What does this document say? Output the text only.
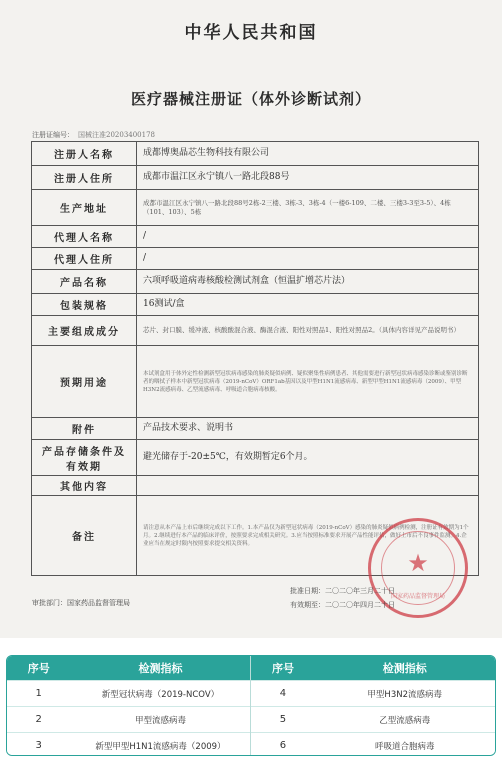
中华人民共和国
医疗器械注册证（体外诊断试剂）
注册证编号： 国械注准20203400178
注册人名称	成都博奥晶芯生物科技有限公司
注册人住所	成都市温江区永宁镇八一路北段88号
生产地址	成都市温江区永宁镇八一路北段88号2栋-2三楼、3栋-3、3栋-4（一楼6-109、二楼、三楼3-3至3-5）、4栋（101、103）、5栋
代理人名称	/
代理人住所	/
产品名称	六项呼吸道病毒核酸检测试剂盒（恒温扩增芯片法）
包装规格	16测试/盒
主要组成成分	芯片、封口膜、缓冲液、核酸酸混合液、酶混合液、阳性对照品1、阳性对照品2。（具体内容详见产品说明书）
预期用途	本试剂盒用于体外定性检测新型冠状病毒感染的肺炎疑似病例、疑似聚集性病例患者、其他需要进行新型冠状病毒感染诊断或鉴别诊断者的咽拭子样本中新型冠状病毒（2019-nCoV）ORF1ab基因以及甲型H1N1流感病毒、新型甲型H1N1流感病毒（2009）、甲型H3N2流感病毒、乙型流感病毒、呼吸道合胞病毒核酸。
附件	产品技术要求、说明书
产品存储条件及有效期	避光储存于-20±5℃，有效期暂定6个月。
其他内容	
备注	请注意从本产品上市后继续完成以下工作。1.本产品仅为新型冠状病毒（2019-nCoV）感染的肺炎疑似病例检测，注册证有效期为1个月。2.继续进行本产品的临床评价，按照要求完成相关研究。3.应当按照标准要求开展产品性能评估，做好上市后不良事件监测。4.企业应当在规定时限内按照要求提交相关资料。
★
国家药品监督管理局
审批部门：国家药品监督管理局
批准日期：二〇二〇年三月二十日
有效期至：二〇二〇年四月二十日
序号	检测指标	序号	检测指标
1	新型冠状病毒（2019-NCOV）	4	甲型H3N2流感病毒
2	甲型流感病毒	5	乙型流感病毒
3	新型甲型H1N1流感病毒（2009）	6	呼吸道合胞病毒
